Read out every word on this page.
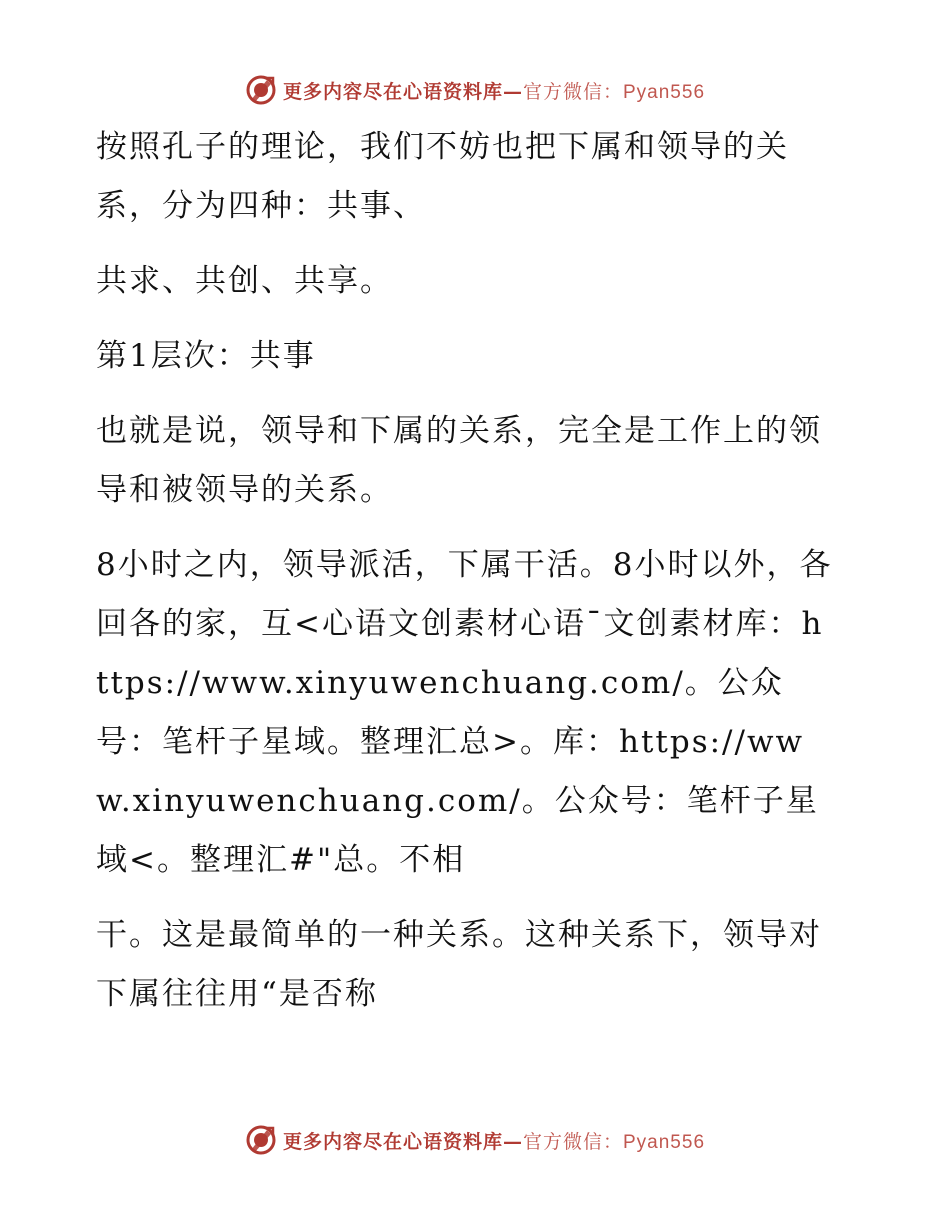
更多内容尽在心语资料库—官方微信：Pyan556

按照孔子的理论，我们不妨也把下属和领导的关系，分为四种：共事、

共求、共创、共享。

第1层次：共事

也就是说，领导和下属的关系，完全是工作上的领导和被领导的关系。

8小时之内，领导派活，下属干活。8小时以外，各回各的家，互<心语文创素材心语¯文创素材库：https://www.xinyuwenchuang.com/。公众号：笔杆子星域。整理汇总>。库：https://www.xinyuwenchuang.com/。公众号：笔杆子星域<。整理汇#"总。不相

干。这是最简单的一种关系。这种关系下，领导对下属往往用“是否称

更多内容尽在心语资料库—官方微信：Pyan556
